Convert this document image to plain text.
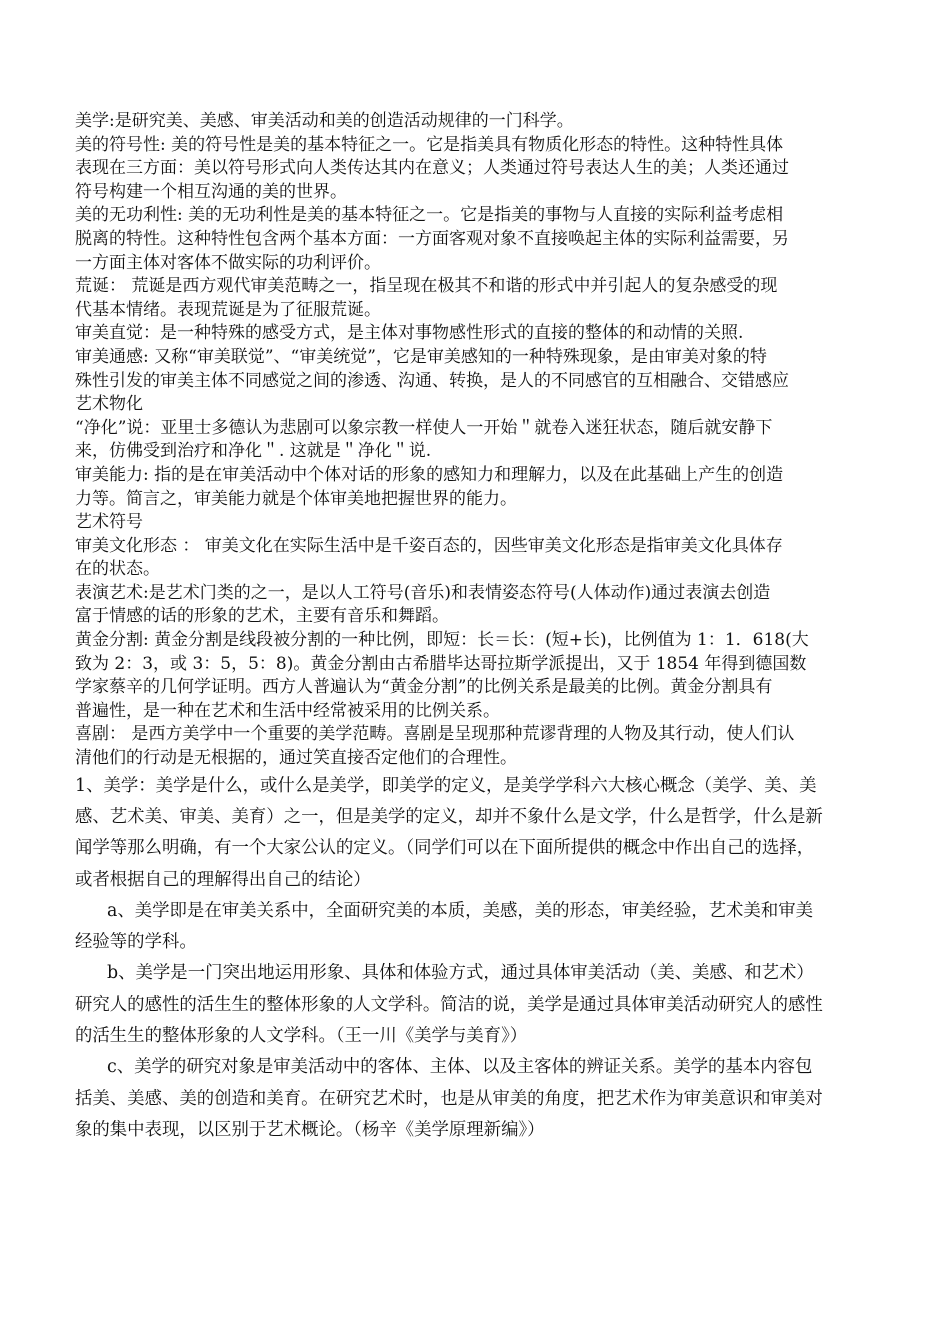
美学:是研究美、美感、审美活动和美的创造活动规律的一门科学。
美的符号性: 美的符号性是美的基本特征之一。它是指美具有物质化形态的特性。这种特性具体
表现在三方面：美以符号形式向人类传达其内在意义；人类通过符号表达人生的美；人类还通过
符号构建一个相互沟通的美的世界。
美的无功利性: 美的无功利性是美的基本特征之一。它是指美的事物与人直接的实际利益考虑相
脱离的特性。这种特性包含两个基本方面：一方面客观对象不直接唤起主体的实际利益需要，另
一方面主体对客体不做实际的功利评价。
荒诞： 荒诞是西方观代审美范畴之一，指呈现在极其不和谐的形式中并引起人的复杂感受的现
代基本情绪。表现荒诞是为了征服荒诞。
审美直觉：是一种特殊的感受方式，是主体对事物感性形式的直接的整体的和动情的关照.
审美通感: 又称“审美联觉”、“审美统觉”，它是审美感知的一种特殊现象，是由审美对象的特
殊性引发的审美主体不同感觉之间的渗透、沟通、转换，是人的不同感官的互相融合、交错感应
艺术物化
“净化”说：亚里士多德认为悲剧可以象宗教一样使人一开始＂就卷入迷狂状态，随后就安静下
来，仿佛受到治疗和净化＂. 这就是＂净化＂说.
审美能力: 指的是在审美活动中个体对话的形象的感知力和理解力，以及在此基础上产生的创造
力等。简言之，审美能力就是个体审美地把握世界的能力。
艺术符号
审美文化形态 ： 审美文化在实际生活中是千姿百态的，因些审美文化形态是指审美文化具体存
在的状态。
表演艺术:是艺术门类的之一，是以人工符号(音乐)和表情姿态符号(人体动作)通过表演去创造
富于情感的话的形象的艺术，主要有音乐和舞蹈。
黄金分割: 黄金分割是线段被分割的一种比例，即短：长＝长：(短+长)，比例值为 1：1．618(大
致为 2：3，或 3：5，5：8)。黄金分割由古希腊毕达哥拉斯学派提出，又于 1854 年得到德国数
学家蔡辛的几何学证明。西方人普遍认为“黄金分割”的比例关系是最美的比例。黄金分割具有
普遍性，是一种在艺术和生活中经常被采用的比例关系。
喜剧： 是西方美学中一个重要的美学范畴。喜剧是呈现那种荒谬背理的人物及其行动，使人们认
清他们的行动是无根据的，通过笑直接否定他们的合理性。
1、美学：美学是什么，或什么是美学，即美学的定义，是美学学科六大核心概念（美学、美、美
感、艺术美、审美、美育）之一，但是美学的定义，却并不象什么是文学，什么是哲学，什么是新
闻学等那么明确，有一个大家公认的定义。（同学们可以在下面所提供的概念中作出自己的选择，
或者根据自己的理解得出自己的结论）
a、美学即是在审美关系中，全面研究美的本质，美感，美的形态，审美经验，艺术美和审美
经验等的学科。
b、美学是一门突出地运用形象、具体和体验方式，通过具体审美活动（美、美感、和艺术）
研究人的感性的活生生的整体形象的人文学科。简洁的说，美学是通过具体审美活动研究人的感性
的活生生的整体形象的人文学科。（王一川《美学与美育》）
c、美学的研究对象是审美活动中的客体、主体、以及主客体的辨证关系。美学的基本内容包
括美、美感、美的创造和美育。在研究艺术时，也是从审美的角度，把艺术作为审美意识和审美对
象的集中表现，以区别于艺术概论。（杨辛《美学原理新编》）
